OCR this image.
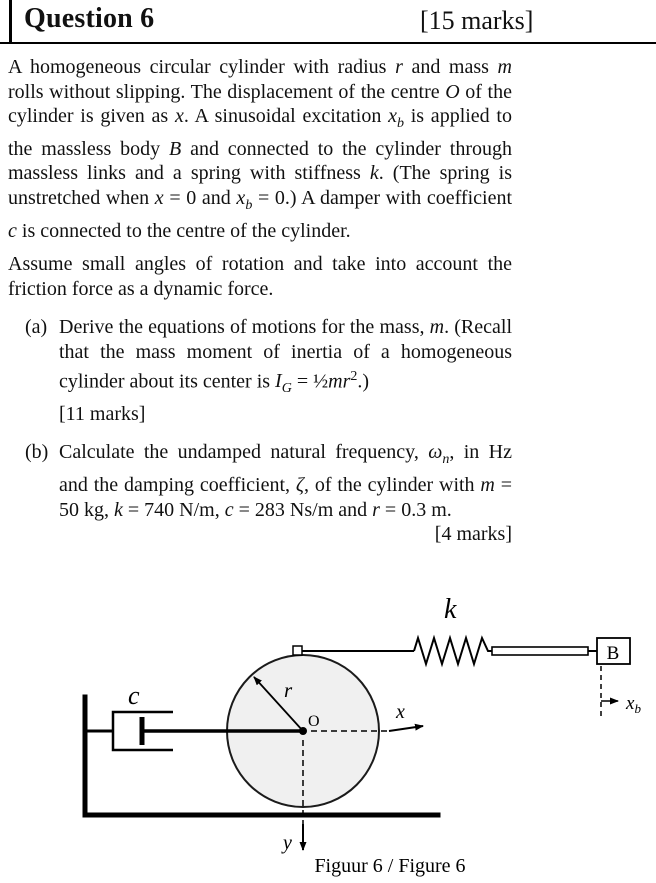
Question 6	[15 marks]

A homogeneous circular cylinder with radius r and mass m rolls without slipping. The displacement of the centre O of the cylinder is given as x. A sinusoidal excitation $x_b$ is applied to the massless body B and connected to the cylinder through massless links and a spring with stiffness k. (The spring is unstretched when x = 0 and $x_b = 0$.) A damper with coefficient c is connected to the centre of the cylinder.

Assume small angles of rotation and take into account the friction force as a dynamic force.

(a) Derive the equations of motions for the mass, m. (Recall that the mass moment of inertia of a homogeneous cylinder about its center is $I_G$ = $\frac{1}{2}mr^2$.)
[11 marks]
(b) Calculate the undamped natural frequency, $\omega_n$, in Hz and the damping coefficient, ζ, of the cylinder with m = 50 kg, k = 740 N/m, c = 283 Ns/m and r = 0.3 m.
[4 marks]
B
$x_b$
x
y
k
c	r
O
Figuur 6 / Figure 6
